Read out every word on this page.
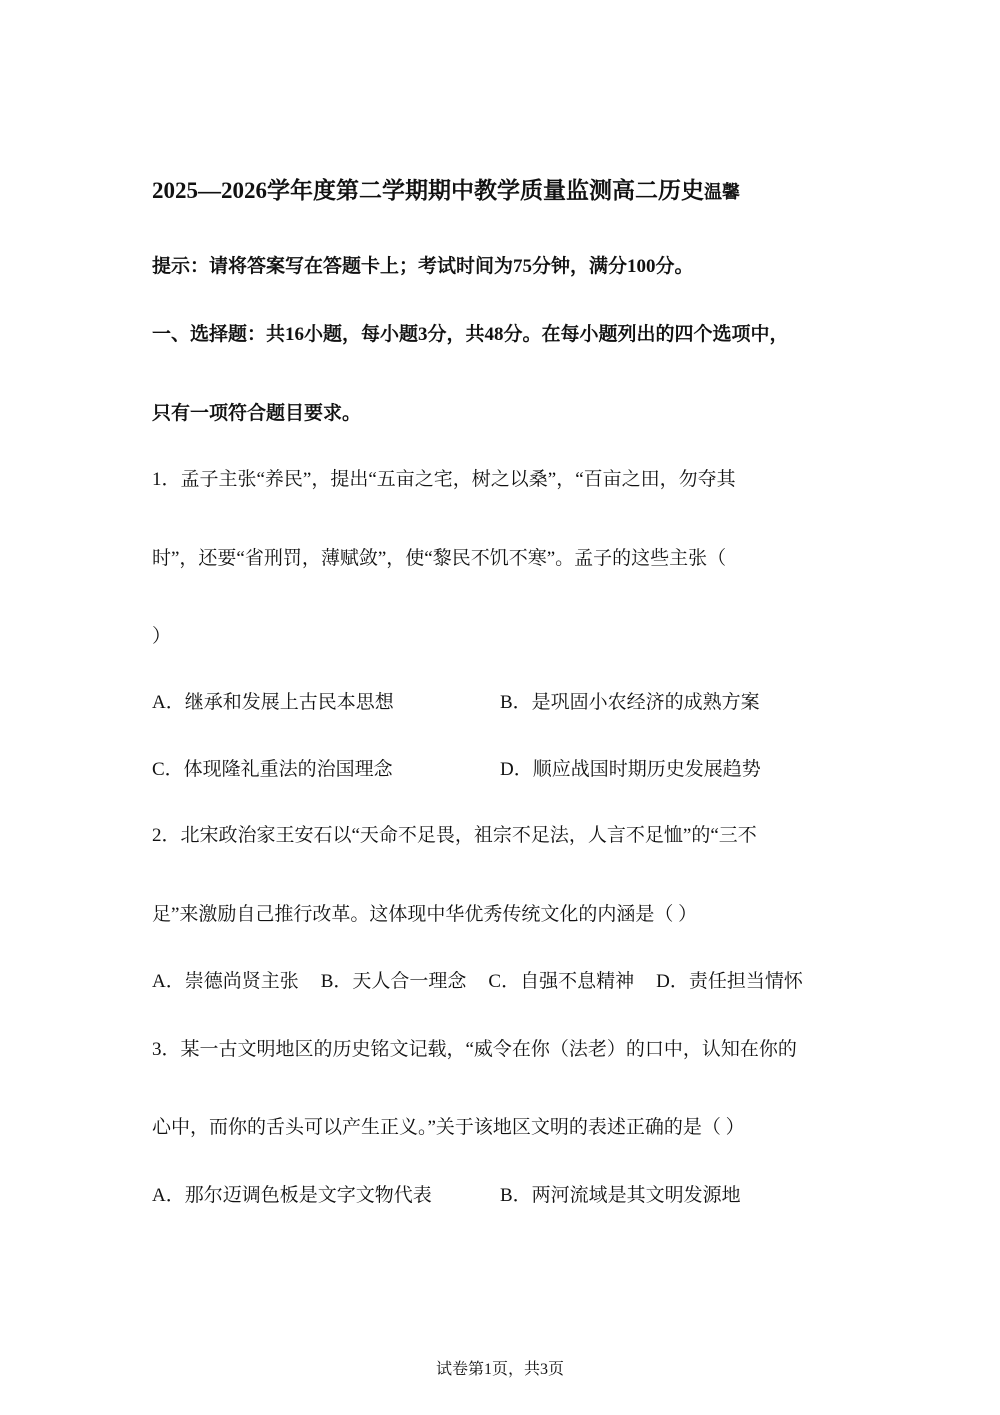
2025—2026学年度第二学期期中教学质量监测高二历史温馨
提示：请将答案写在答题卡上；考试时间为75分钟，满分100分。
一、选择题：共16小题，每小题3分，共48分。在每小题列出的四个选项中，
只有一项符合题目要求。
1．孟子主张“养民”，提出“五亩之宅，树之以桑”，“百亩之田，勿夺其
时”，还要“省刑罚，薄赋敛”，使“黎民不饥不寒”。孟子的这些主张（
）
A．继承和发展上古民本思想	B．是巩固小农经济的成熟方案
C．体现隆礼重法的治国理念	D．顺应战国时期历史发展趋势
2．北宋政治家王安石以“天命不足畏，祖宗不足法，人言不足恤”的“三不
足”来激励自己推行改革。这体现中华优秀传统文化的内涵是（ ）
A．崇德尚贤主张 B．天人合一理念 C．自强不息精神 D．责任担当情怀
3．某一古文明地区的历史铭文记载，“威令在你（法老）的口中，认知在你的
心中，而你的舌头可以产生正义。”关于该地区文明的表述正确的是（ ）
A．那尔迈调色板是文字文物代表	B．两河流域是其文明发源地
试卷第1页，共3页
